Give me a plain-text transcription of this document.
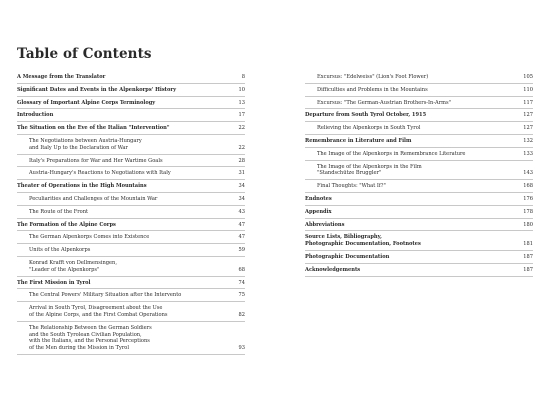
Table of Contents
A Message from the Translator	8
Significant Dates and Events in the Alpenkorps' History	10
Glossary of Important Alpine Corps Terminology	13
Introduction	17
The Situation on the Eve of the Italian "Intervention"	22
The Negotiations between Austria-Hungary
and Italy Up to the Declaration of War	22
Italy's Preparations for War and Her Wartime Goals	28
Austria-Hungary's Reactions to Negotiations with Italy	31
Theater of Operations in the High Mountains	34
Peculiarities and Challenges of the Mountain War	34
The Route of the Front	43
The Formation of the Alpine Corps	47
The German Alpenkorps Comes into Existence	47
Units of the Alpenkorps	59
Konrad Krafft von Dellmensingen,
"Leader of the Alpenkorps"	68
The First Mission in Tyrol	74
The Central Powers' Military Situation after the Intervento	75
Arrival in South Tyrol, Disagreement about the Use
of the Alpine Corps, and the First Combat Operations	82
The Relationship Between the German Soldiers
and the South Tyrolean Civilian Population,
with the Italians, and the Personal Perceptions
of the Men during the Mission in Tyrol	93
Excursus: "Edelweiss" (Lion's Foot Flower)	105
Difficulties and Problems in the Mountains	110
Excursus: "The German-Austrian Brothers-In-Arms"	117
Departure from South Tyrol October, 1915	127
Relieving the Alpenkorps in South Tyrol	127
Remembrance in Literature and Film	132
The Image of the Alpenkorps in Remembrance Literature	133
The Image of the Alpenkorps in the Film
"Standschütze Bruggler"	143
Final Thoughts: "What If?"	168
Endnotes	176
Appendix	178
Abbreviations	180
Source Lists, Bibliography,
Photographic Documentation, Footnotes	181
Photographic Documentation	187
Acknowledgements	187
